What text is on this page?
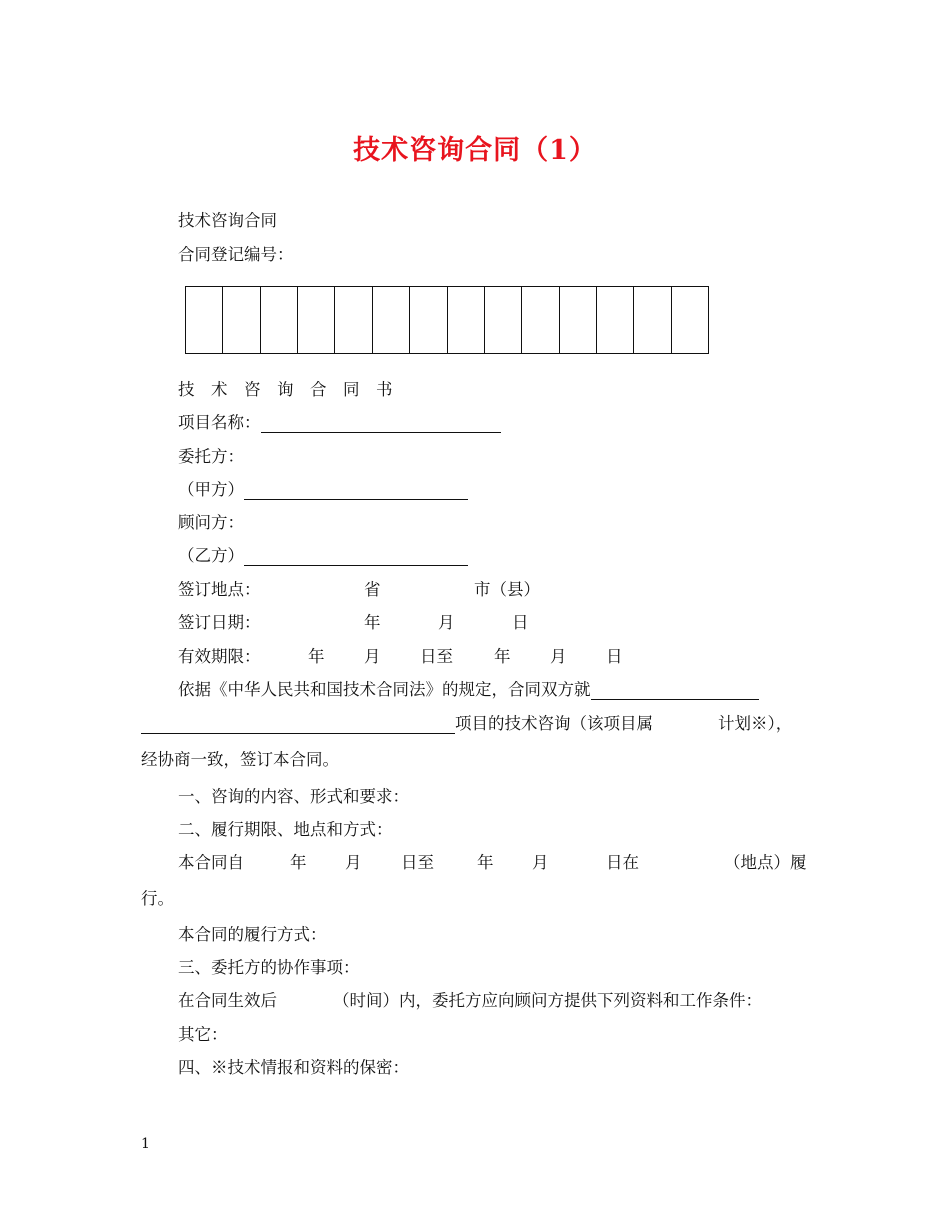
技术咨询合同（1）
技术咨询合同
合同登记编号：
技　术　咨　询　合　同　书
项目名称：
委托方：
（甲方）
顾问方：
（乙方）
签订地点：	省	市（县）
签订日期：	年	月	日
有效期限：	年 月 日至 年 月 日
依据《中华人民共和国技术合同法》的规定，合同双方就
项目的技术咨询（该项目属	计划※），
经协商一致，签订本合同。
一、咨询的内容、形式和要求：
二、履行期限、地点和方式：
本合同自	年 月 日至	年 月	日在	（地点）履
行。
本合同的履行方式：
三、委托方的协作事项：
在合同生效后	（时间）内，委托方应向顾问方提供下列资料和工作条件：
其它：
四、※技术情报和资料的保密：
1
